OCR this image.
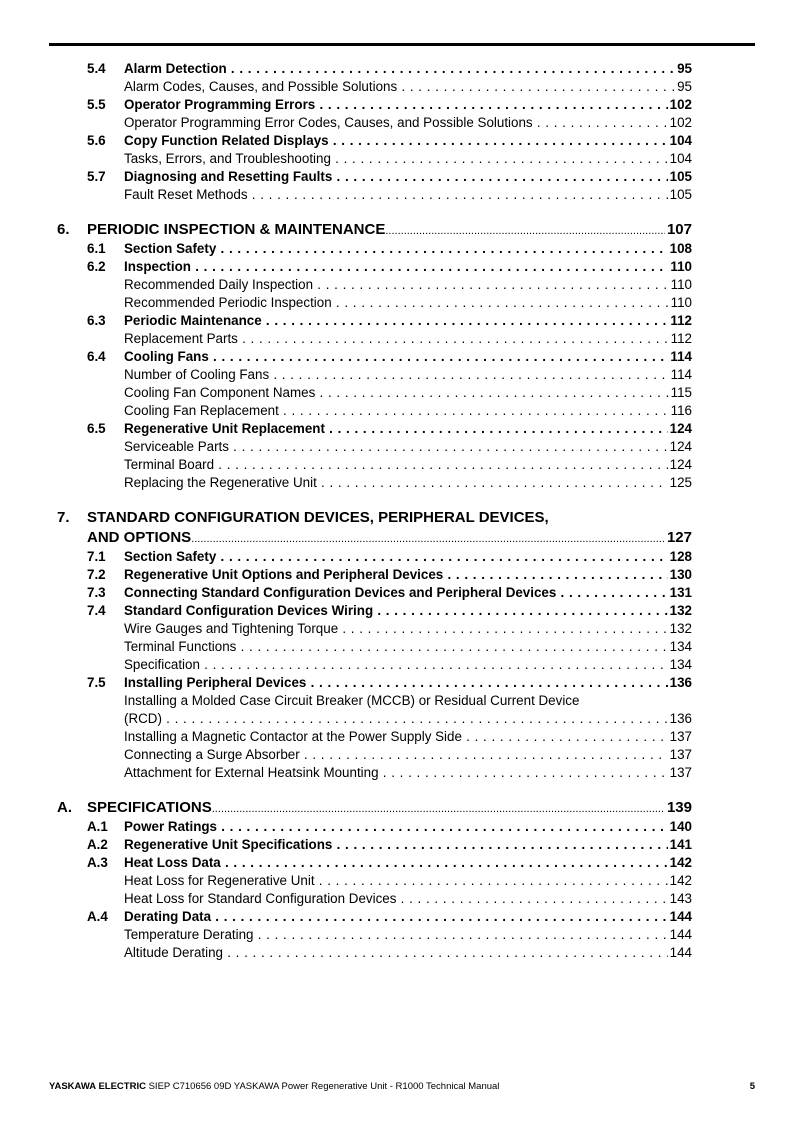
5.4 Alarm Detection . . .	95
Alarm Codes, Causes, and Possible Solutions . . .	95
5.5 Operator Programming Errors . . .	102
Operator Programming Error Codes, Causes, and Possible Solutions . . .	102
5.6 Copy Function Related Displays . . .	104
Tasks, Errors, and Troubleshooting . . .	104
5.7 Diagnosing and Resetting Faults . . .	105
Fault Reset Methods . . .	105
6. PERIODIC INSPECTION & MAINTENANCE .....	107
6.1 Section Safety . . .	108
6.2 Inspection . . .	110
Recommended Daily Inspection . . .	110
Recommended Periodic Inspection . . .	110
6.3 Periodic Maintenance . . .	112
Replacement Parts . . .	112
6.4 Cooling Fans . . .	114
Number of Cooling Fans . . .	114
Cooling Fan Component Names . . .	115
Cooling Fan Replacement . . .	116
6.5 Regenerative Unit Replacement . . .	124
Serviceable Parts . . .	124
Terminal Board . . .	124
Replacing the Regenerative Unit . . .	125
7. STANDARD CONFIGURATION DEVICES, PERIPHERAL DEVICES,
AND OPTIONS .....	127
7.1 Section Safety . . .	128
7.2 Regenerative Unit Options and Peripheral Devices . . .	130
7.3 Connecting Standard Configuration Devices and Peripheral Devices . . .	131
7.4 Standard Configuration Devices Wiring . . .	132
Wire Gauges and Tightening Torque . . .	132
Terminal Functions . . .	134
Specification . . .	134
7.5 Installing Peripheral Devices . . .	136
Installing a Molded Case Circuit Breaker (MCCB) or Residual Current Device
(RCD) . . .	136
Installing a Magnetic Contactor at the Power Supply Side . . .	137
Connecting a Surge Absorber . . .	137
Attachment for External Heatsink Mounting . . .	137
A. SPECIFICATIONS .....	139
A.1 Power Ratings . . .	140
A.2 Regenerative Unit Specifications . . .	141
A.3 Heat Loss Data . . .	142
Heat Loss for Regenerative Unit . . .	142
Heat Loss for Standard Configuration Devices . . .	143
A.4 Derating Data . . .	144
Temperature Derating . . .	144
Altitude Derating . . .	144
YASKAWA ELECTRIC SIEP C710656 09D YASKAWA Power Regenerative Unit - R1000 Technical Manual	5
